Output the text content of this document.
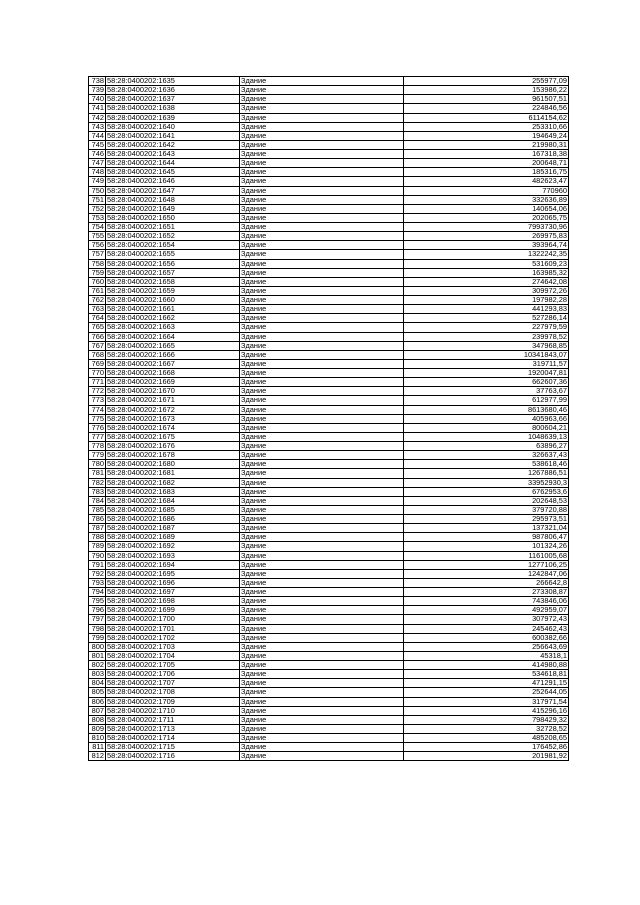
738	58:28:0400202:1635	Здание	255977,09
739	58:28:0400202:1636	Здание	153986,22
740	58:28:0400202:1637	Здание	961507,51
741	58:28:0400202:1638	Здание	224846,56
742	58:28:0400202:1639	Здание	6114154,62
743	58:28:0400202:1640	Здание	253310,66
744	58:28:0400202:1641	Здание	194649,24
745	58:28:0400202:1642	Здание	219980,31
746	58:28:0400202:1643	Здание	167318,38
747	58:28:0400202:1644	Здание	200648,71
748	58:28:0400202:1645	Здание	185316,75
749	58:28:0400202:1646	Здание	482623,47
750	58:28:0400202:1647	Здание	770960
751	58:28:0400202:1648	Здание	332636,89
752	58:28:0400202:1649	Здание	140654,06
753	58:28:0400202:1650	Здание	202065,75
754	58:28:0400202:1651	Здание	7993730,96
755	58:28:0400202:1652	Здание	269975,83
756	58:28:0400202:1654	Здание	393964,74
757	58:28:0400202:1655	Здание	1322242,35
758	58:28:0400202:1656	Здание	531609,23
759	58:28:0400202:1657	Здание	163985,32
760	58:28:0400202:1658	Здание	274642,08
761	58:28:0400202:1659	Здание	309972,26
762	58:28:0400202:1660	Здание	197982,28
763	58:28:0400202:1661	Здание	441293,83
764	58:28:0400202:1662	Здание	527286,14
765	58:28:0400202:1663	Здание	227979,59
766	58:28:0400202:1664	Здание	239978,52
767	58:28:0400202:1665	Здание	347968,85
768	58:28:0400202:1666	Здание	10341843,07
769	58:28:0400202:1667	Здание	319711,57
770	58:28:0400202:1668	Здание	1920047,81
771	58:28:0400202:1669	Здание	662607,36
772	58:28:0400202:1670	Здание	37763,67
773	58:28:0400202:1671	Здание	612977,99
774	58:28:0400202:1672	Здание	8613680,46
775	58:28:0400202:1673	Здание	405963,66
776	58:28:0400202:1674	Здание	800604,21
777	58:28:0400202:1675	Здание	1048639,13
778	58:28:0400202:1676	Здание	63896,27
779	58:28:0400202:1678	Здание	326637,43
780	58:28:0400202:1680	Здание	538618,46
781	58:28:0400202:1681	Здание	1267886,51
782	58:28:0400202:1682	Здание	33952930,3
783	58:28:0400202:1683	Здание	6762953,6
784	58:28:0400202:1684	Здание	202648,53
785	58:28:0400202:1685	Здание	379720,88
786	58:28:0400202:1686	Здание	295973,51
787	58:28:0400202:1687	Здание	137321,04
788	58:28:0400202:1689	Здание	987806,47
789	58:28:0400202:1692	Здание	101324,26
790	58:28:0400202:1693	Здание	1161005,68
791	58:28:0400202:1694	Здание	1277106,25
792	58:28:0400202:1695	Здание	1242847,06
793	58:28:0400202:1696	Здание	266642,8
794	58:28:0400202:1697	Здание	273308,87
795	58:28:0400202:1698	Здание	743846,06
796	58:28:0400202:1699	Здание	492959,07
797	58:28:0400202:1700	Здание	307972,43
798	58:28:0400202:1701	Здание	245462,43
799	58:28:0400202:1702	Здание	600382,66
800	58:28:0400202:1703	Здание	256643,69
801	58:28:0400202:1704	Здание	45318,1
802	58:28:0400202:1705	Здание	414980,88
803	58:28:0400202:1706	Здание	534618,81
804	58:28:0400202:1707	Здание	471291,15
805	58:28:0400202:1708	Здание	252644,05
806	58:28:0400202:1709	Здание	317971,54
807	58:28:0400202:1710	Здание	415296,16
808	58:28:0400202:1711	Здание	798429,32
809	58:28:0400202:1713	Здание	32728,52
810	58:28:0400202:1714	Здание	485208,65
811	58:28:0400202:1715	Здание	176452,86
812	58:28:0400202:1716	Здание	201981,92
